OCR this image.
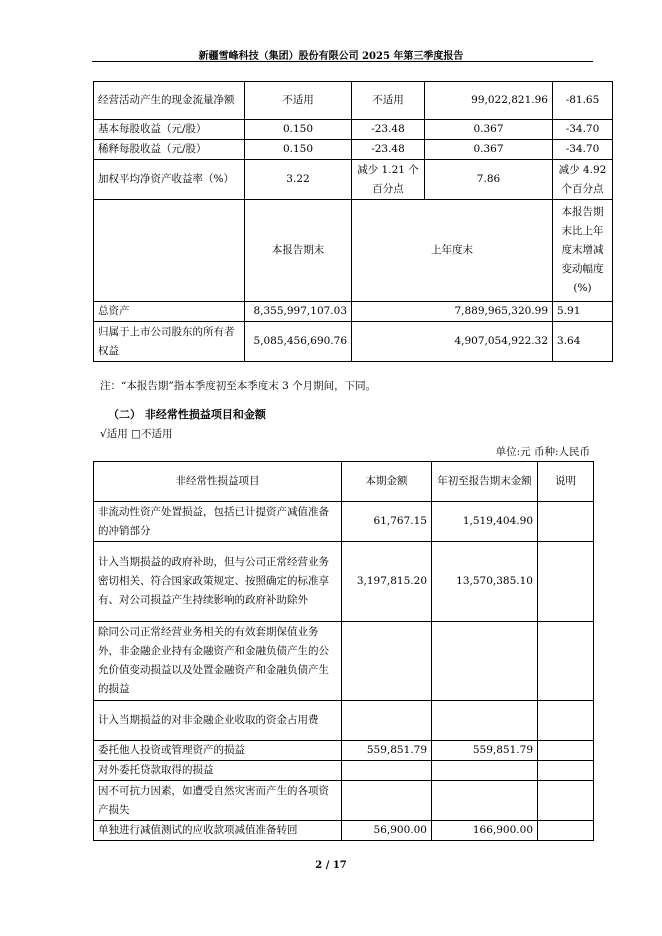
新疆雪峰科技（集团）股份有限公司 2025 年第三季度报告
经营活动产生的现金流量净额	不适用	不适用	99,022,821.96	-81.65
基本每股收益（元/股）	0.150	-23.48	0.367	-34.70
稀释每股收益（元/股）	0.150	-23.48	0.367	-34.70
加权平均净资产收益率（%）	3.22	减少 1.21 个百分点	7.86	减少 4.92 个百分点
	本报告期末	上年度末		本报告期末比上年度末增减变动幅度(%)
总资产	8,355,997,107.03	7,889,965,320.99		5.91
归属于上市公司股东的所有者权益	5,085,456,690.76	4,907,054,922.32		3.64
注：“本报告期”指本季度初至本季度末 3 个月期间，下同。
（二） 非经常性损益项目和金额
√适用 □不适用
单位:元 币种:人民币
非经常性损益项目	本期金额	年初至报告期末金额	说明
非流动性资产处置损益，包括已计提资产减值准备的冲销部分	61,767.15	1,519,404.90	
计入当期损益的政府补助，但与公司正常经营业务密切相关、符合国家政策规定、按照确定的标准享有、对公司损益产生持续影响的政府补助除外	3,197,815.20	13,570,385.10	
除同公司正常经营业务相关的有效套期保值业务外，非金融企业持有金融资产和金融负债产生的公允价值变动损益以及处置金融资产和金融负债产生的损益			
计入当期损益的对非金融企业收取的资金占用费			
委托他人投资或管理资产的损益	559,851.79	559,851.79	
对外委托贷款取得的损益			
因不可抗力因素，如遭受自然灾害而产生的各项资产损失			
单独进行减值测试的应收款项减值准备转回	56,900.00	166,900.00	
2 / 17
